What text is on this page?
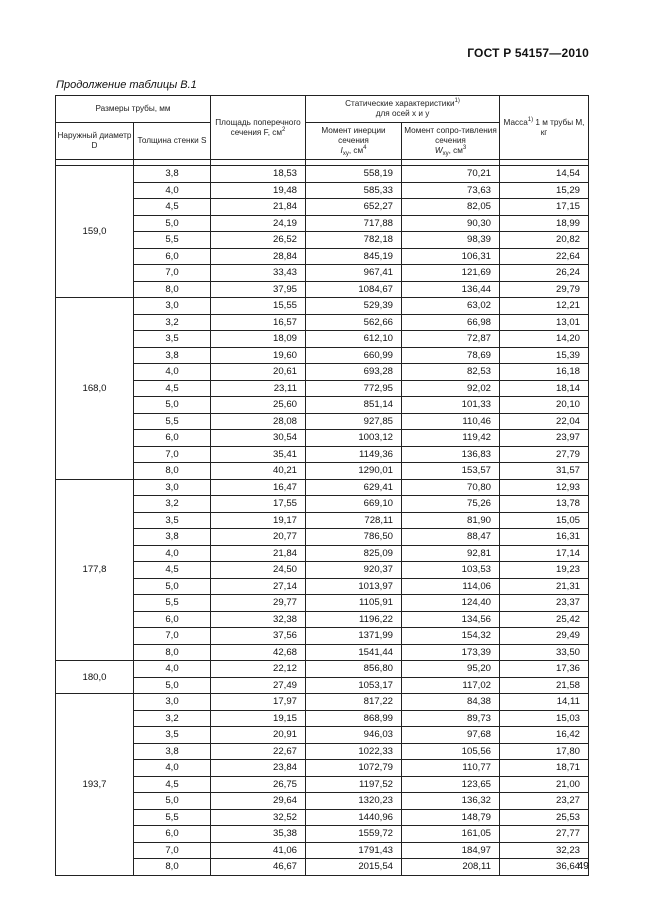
ГОСТ Р 54157—2010
Продолжение таблицы В.1
Размеры трубы, мм		Площадь поперечного сечения F, $см^2$	Статические характеристики$^{1)}$
для осей x и y		Масса$^{1)}$ 1 м трубы M, кг
Наружный диаметр D	Толщина стенки S		Момент инерции сечения
$I_{xy}$, $см^4$	Момент сопро-тивления сечения
$W_{xy}$, $см^3$

159,0	3,8	18,53	558,19	70,21	14,54
	4,0	19,48	585,33	73,63	15,29
	4,5	21,84	652,27	82,05	17,15
	5,0	24,19	717,88	90,30	18,99
	5,5	26,52	782,18	98,39	20,82
	6,0	28,84	845,19	106,31	22,64
	7,0	33,43	967,41	121,69	26,24
	8,0	37,95	1084,67	136,44	29,79
168,0	3,0	15,55	529,39	63,02	12,21
	3,2	16,57	562,66	66,98	13,01
	3,5	18,09	612,10	72,87	14,20
	3,8	19,60	660,99	78,69	15,39
	4,0	20,61	693,28	82,53	16,18
	4,5	23,11	772,95	92,02	18,14
	5,0	25,60	851,14	101,33	20,10
	5,5	28,08	927,85	110,46	22,04
	6,0	30,54	1003,12	119,42	23,97
	7,0	35,41	1149,36	136,83	27,79
	8,0	40,21	1290,01	153,57	31,57
177,8	3,0	16,47	629,41	70,80	12,93
	3,2	17,55	669,10	75,26	13,78
	3,5	19,17	728,11	81,90	15,05
	3,8	20,77	786,50	88,47	16,31
	4,0	21,84	825,09	92,81	17,14
	4,5	24,50	920,37	103,53	19,23
	5,0	27,14	1013,97	114,06	21,31
	5,5	29,77	1105,91	124,40	23,37
	6,0	32,38	1196,22	134,56	25,42
	7,0	37,56	1371,99	154,32	29,49
	8,0	42,68	1541,44	173,39	33,50
180,0	4,0	22,12	856,80	95,20	17,36
	5,0	27,49	1053,17	117,02	21,58
193,7	3,0	17,97	817,22	84,38	14,11
	3,2	19,15	868,99	89,73	15,03
	3,5	20,91	946,03	97,68	16,42
	3,8	22,67	1022,33	105,56	17,80
	4,0	23,84	1072,79	110,77	18,71
	4,5	26,75	1197,52	123,65	21,00
	5,0	29,64	1320,23	136,32	23,27
	5,5	32,52	1440,96	148,79	25,53
	6,0	35,38	1559,72	161,05	27,77
	7,0	41,06	1791,43	184,97	32,23
	8,0	46,67	2015,54	208,11	36,64
49
